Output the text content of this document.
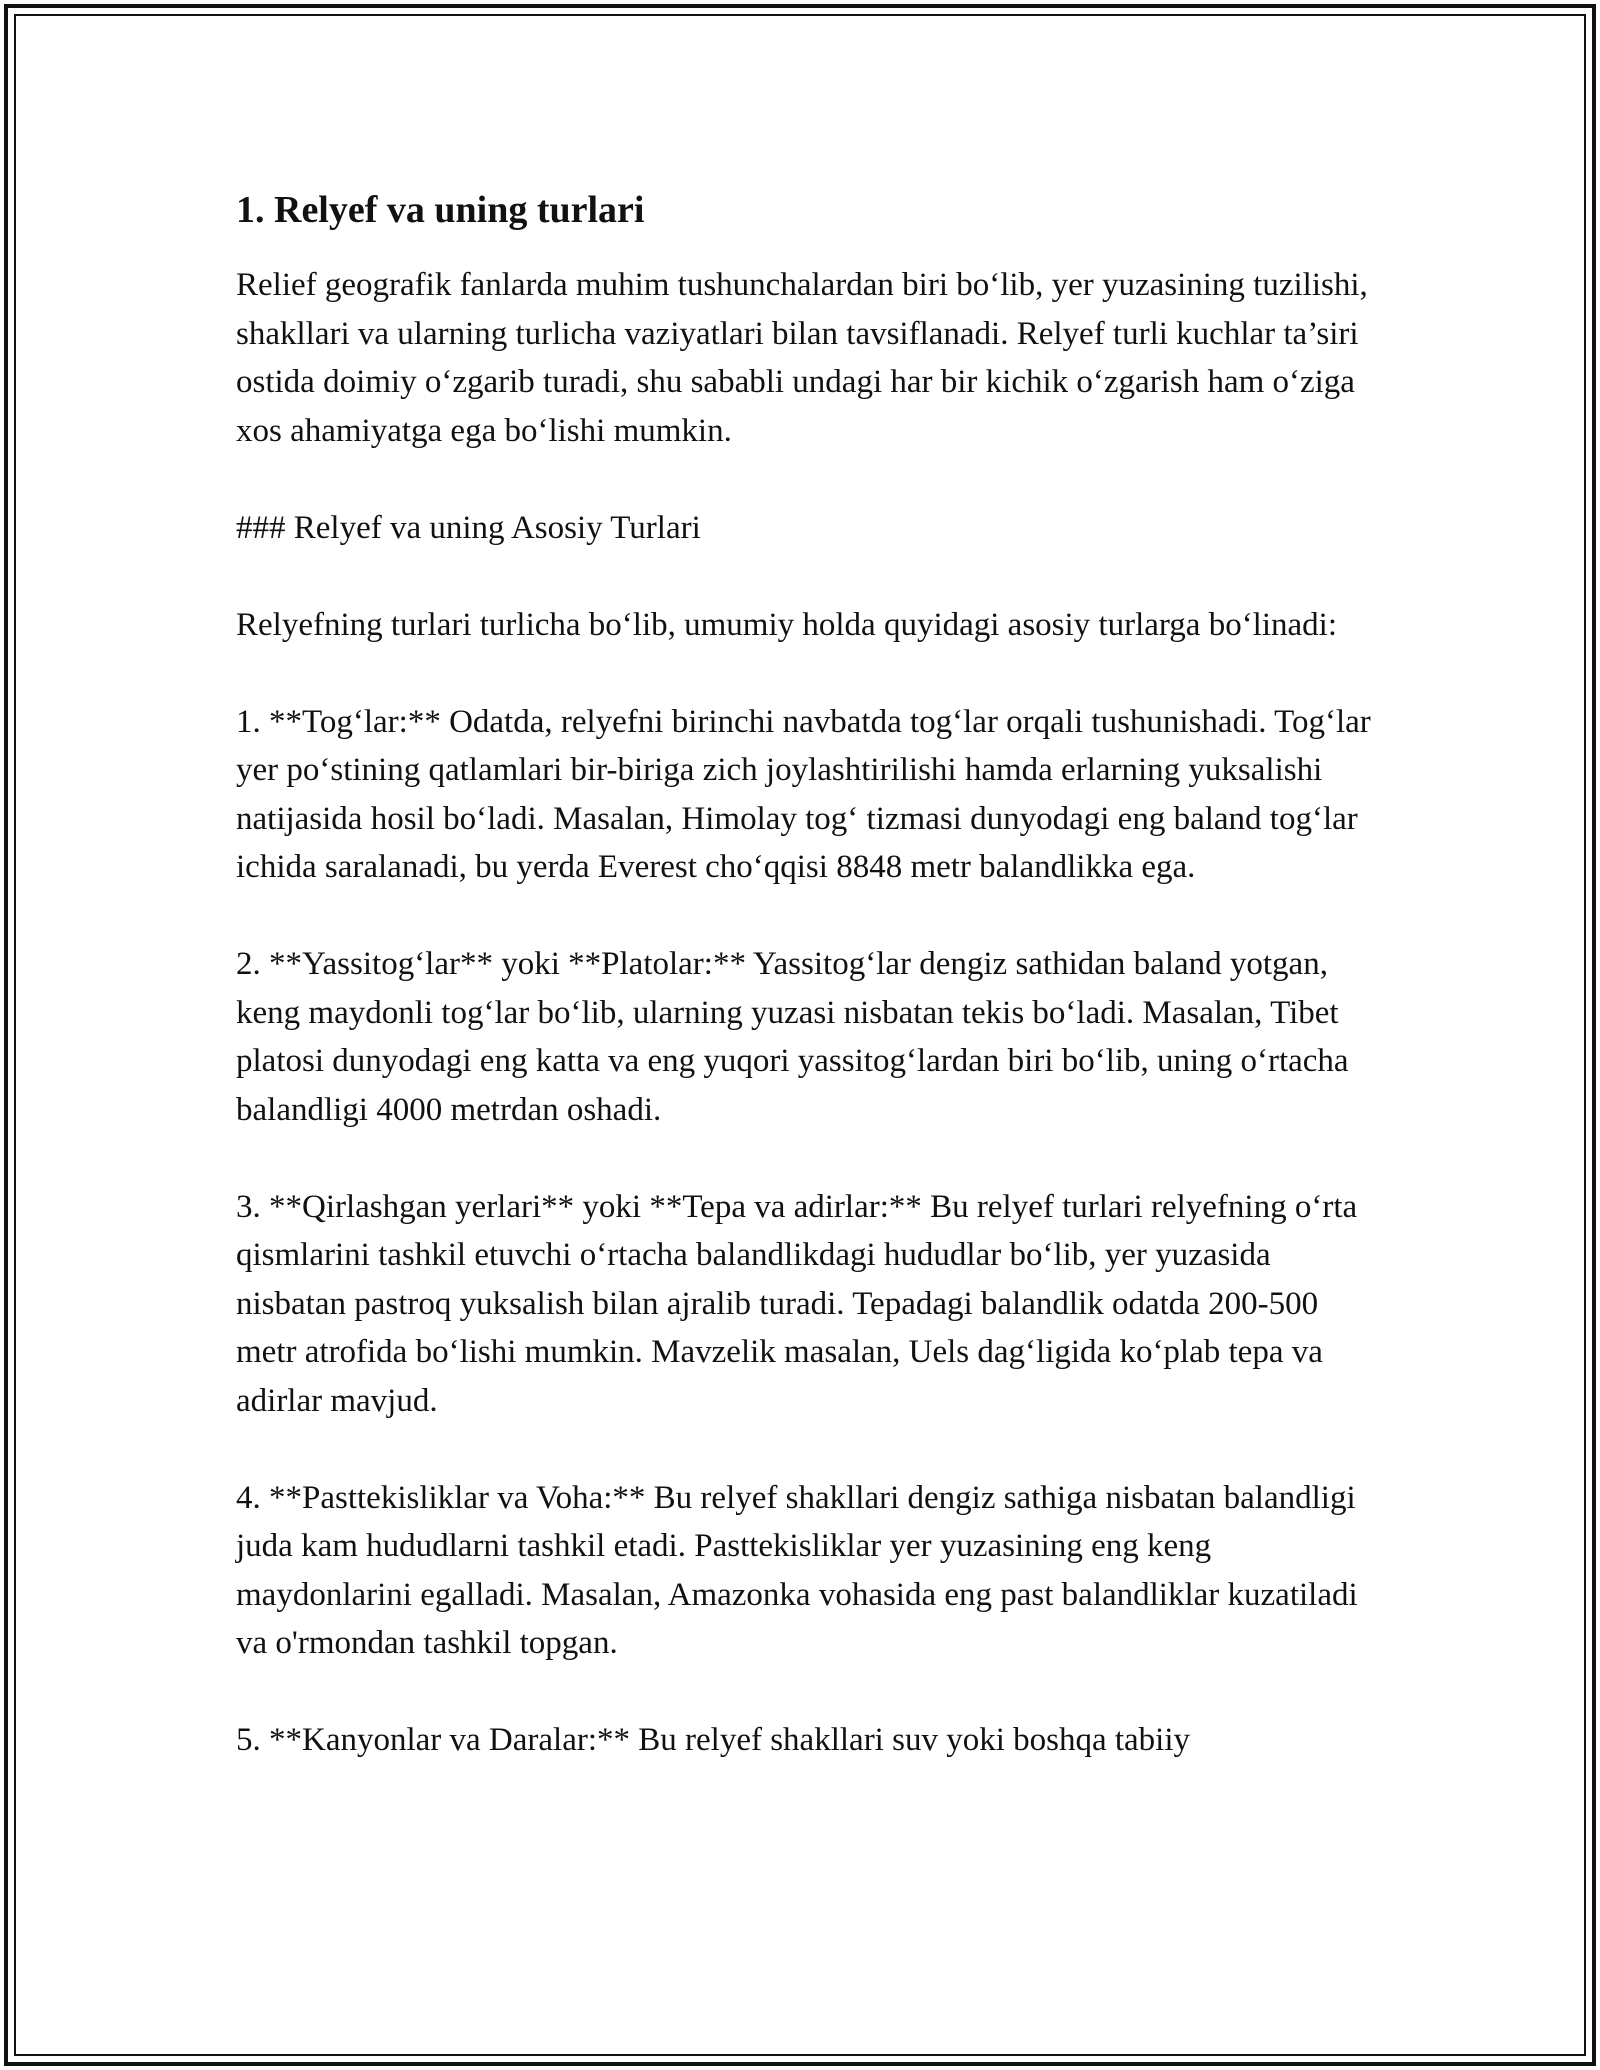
1. Relyef va uning turlari

Relief geografik fanlarda muhim tushunchalardan biri bo‘lib, yer yuzasining tuzilishi, shakllari va ularning turlicha vaziyatlari bilan tavsiflanadi. Relyef turli kuchlar ta’siri ostida doimiy o‘zgarib turadi, shu sababli undagi har bir kichik o‘zgarish ham o‘ziga xos ahamiyatga ega bo‘lishi mumkin.

### Relyef va uning Asosiy Turlari

Relyefning turlari turlicha bo‘lib, umumiy holda quyidagi asosiy turlarga bo‘linadi:

1. **Tog‘lar:** Odatda, relyefni birinchi navbatda tog‘lar orqali tushunishadi. Tog‘lar yer po‘stining qatlamlari bir-biriga zich joylashtirilishi hamda erlarning yuksalishi natijasida hosil bo‘ladi. Masalan, Himolay tog‘ tizmasi dunyodagi eng baland tog‘lar ichida saralanadi, bu yerda Everest cho‘qqisi 8848 metr balandlikka ega.

2. **Yassitog‘lar** yoki **Platolar:** Yassitog‘lar dengiz sathidan baland yotgan, keng maydonli tog‘lar bo‘lib, ularning yuzasi nisbatan tekis bo‘ladi. Masalan, Tibet platosi dunyodagi eng katta va eng yuqori yassitog‘lardan biri bo‘lib, uning o‘rtacha balandligi 4000 metrdan oshadi.

3. **Qirlashgan yerlari** yoki **Tepa va adirlar:** Bu relyef turlari relyefning o‘rta qismlarini tashkil etuvchi o‘rtacha balandlikdagi hududlar bo‘lib, yer yuzasida nisbatan pastroq yuksalish bilan ajralib turadi. Tepadagi balandlik odatda 200-500 metr atrofida bo‘lishi mumkin. Mavzelik masalan, Uels dag‘ligida ko‘plab tepa va adirlar mavjud.

4. **Pasttekisliklar va Voha:** Bu relyef shakllari dengiz sathiga nisbatan balandligi juda kam hududlarni tashkil etadi. Pasttekisliklar yer yuzasining eng keng maydonlarini egalladi. Masalan, Amazonka vohasida eng past balandliklar kuzatiladi va o'rmondan tashkil topgan.

5. **Kanyonlar va Daralar:** Bu relyef shakllari suv yoki boshqa tabiiy
